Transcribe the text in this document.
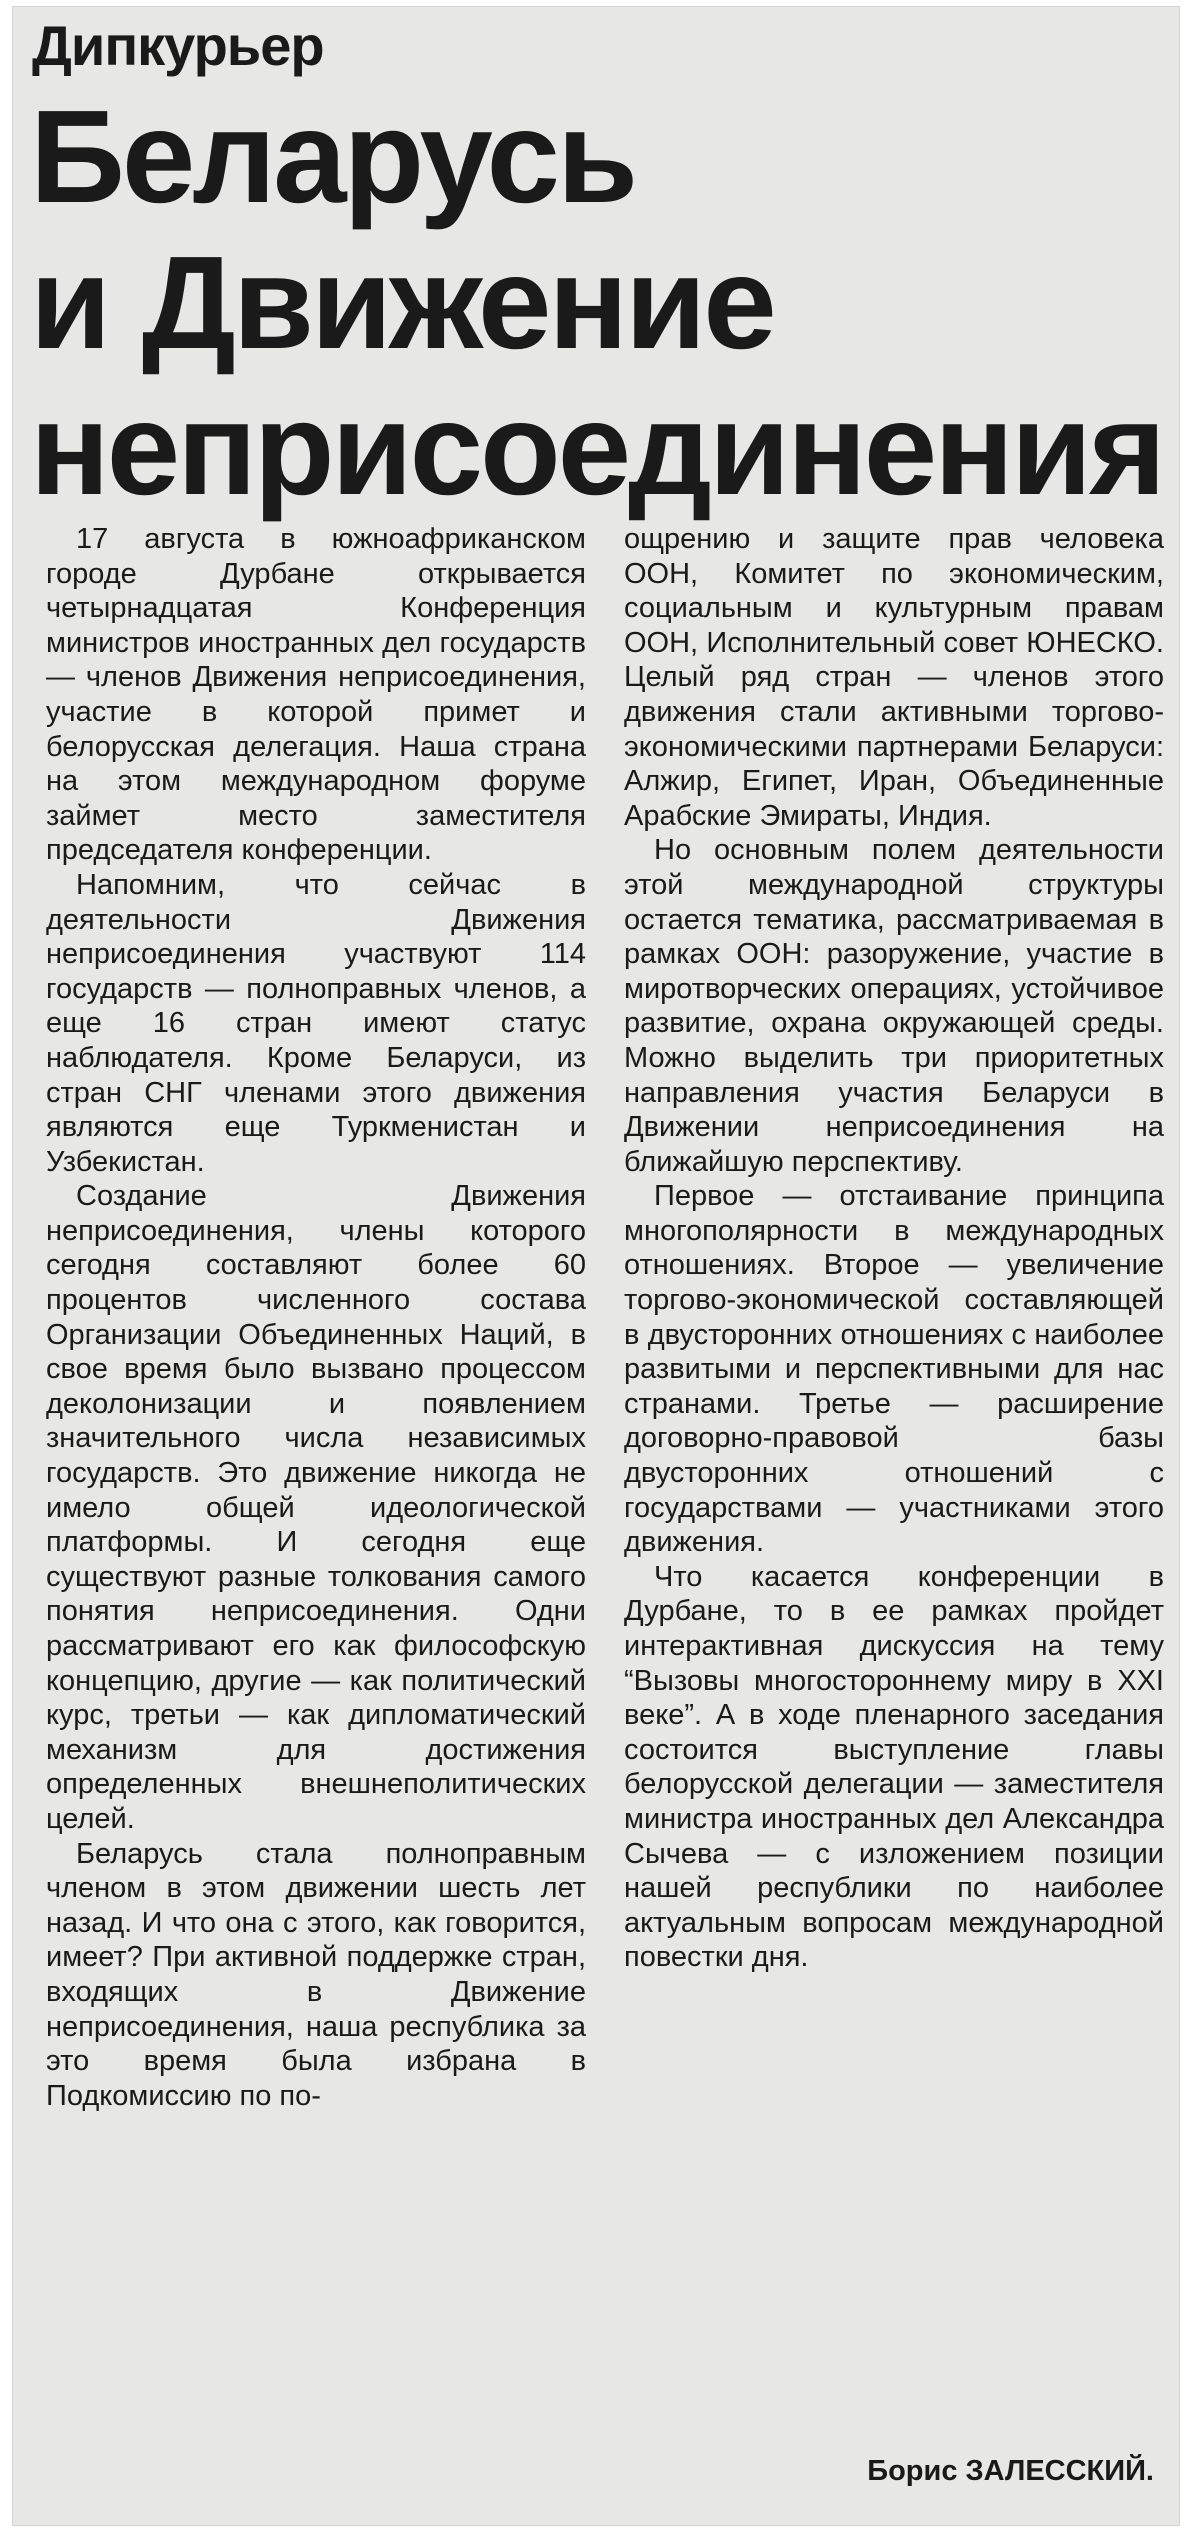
Дипкурьер
Беларусь
и Движение
неприсоединения

17 августа в южноафриканском городе Дурбане открывается четырнадцатая Конференция министров иностранных дел государств — членов Движения неприсоединения, участие в которой примет и белорусская делегация. Наша страна на этом международном форуме займет место заместителя председателя конференции.

Напомним, что сейчас в деятельности Движения неприсоединения участвуют 114 государств — полноправных членов, а еще 16 стран имеют статус наблюдателя. Кроме Беларуси, из стран СНГ членами этого движения являются еще Туркменистан и Узбекистан.

Создание Движения неприсоединения, члены которого сегодня составляют более 60 процентов численного состава Организации Объединенных Наций, в свое время было вызвано процессом деколонизации и появлением значительного числа независимых государств. Это движение никогда не имело общей идеологической платформы. И сегодня еще существуют разные толкования самого понятия неприсоединения. Одни рассматривают его как философскую концепцию, другие — как политический курс, третьи — как дипломатический механизм для достижения определенных внешнеполитических целей.

Беларусь стала полноправным членом в этом движении шесть лет назад. И что она с этого, как говорится, имеет? При активной поддержке стран, входящих в Движение неприсоединения, наша республика за это время была избрана в Подкомиссию по по-

ощрению и защите прав человека ООН, Комитет по экономическим, социальным и культурным правам ООН, Исполнительный совет ЮНЕСКО. Целый ряд стран — членов этого движения стали активными торгово-экономическими партнерами Беларуси: Алжир, Египет, Иран, Объединенные Арабские Эмираты, Индия.

Но основным полем деятельности этой международной структуры остается тематика, рассматриваемая в рамках ООН: разоружение, участие в миротворческих операциях, устойчивое развитие, охрана окружающей среды. Можно выделить три приоритетных направления участия Беларуси в Движении неприсоединения на ближайшую перспективу.

Первое — отстаивание принципа многополярности в международных отношениях. Второе — увеличение торгово-экономической составляющей в двусторонних отношениях с наиболее развитыми и перспективными для нас странами. Третье — расширение договорно-правовой базы двусторонних отношений с государствами — участниками этого движения.

Что касается конференции в Дурбане, то в ее рамках пройдет интерактивная дискуссия на тему “Вызовы многостороннему миру в XXI веке”. А в ходе пленарного заседания состоится выступление главы белорусской делегации — заместителя министра иностранных дел Александра Сычева — с изложением позиции нашей республики по наиболее актуальным вопросам международной повестки дня.

Борис ЗАЛЕССКИЙ.
